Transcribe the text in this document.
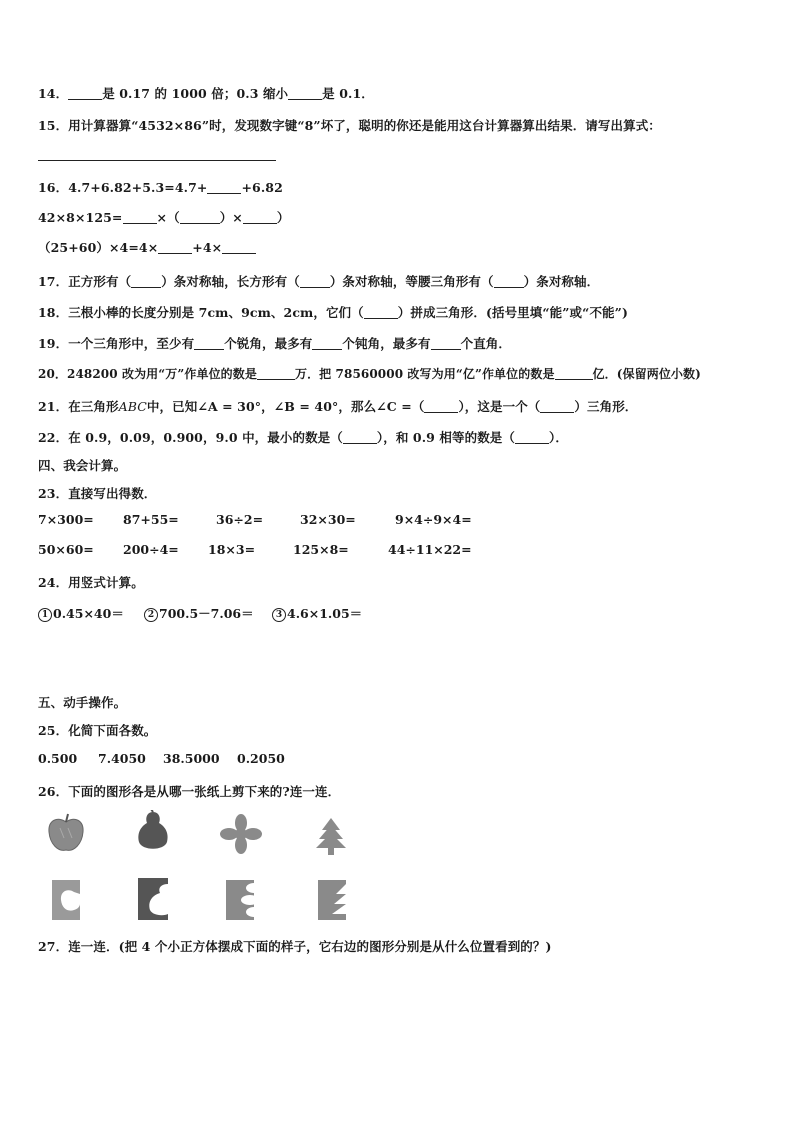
14．	是 0.17 的 1000 倍；0.3 缩小	是 0.1．
15．用计算器算“4532×86”时，发现数字键“8”坏了，聪明的你还是能用这台计算器算出结果．请写出算式：
16．4.7+6.82+5.3=4.7+	+6.82
42×8×125=	×（	）×	）
（25+60）×4=4×	+4×
17．正方形有（ ）条对称轴，长方形有（ ）条对称轴，等腰三角形有（ ）条对称轴．
18．三根小棒的长度分别是 7cm、9cm、2cm，它们（	）拼成三角形．(括号里填“能”或“不能”)
19．一个三角形中，至少有 个锐角，最多有 个钝角，最多有 个直角．
20．248200 改为用“万”作单位的数是	万．把 78560000 改写为用“亿”作单位的数是	亿．(保留两位小数)
21．在三角形ABC中，已知∠A = 30°，∠B = 40°，那么∠C =（	），这是一个（	）三角形．
22．在 0.9，0.09，0.900，9.0 中，最小的数是（	），和 0.9 相等的数是（	）．
四、我会计算。
23．直接写出得数．
7×300= 87+55=	36÷2=	32×30=	9×4÷9×4=
50×60= 200÷4= 18×3=	125×8=	44÷11×22=
24．用竖式计算。
1 0.45×40＝	2 700.5－7.06＝	3 4.6×1.05＝
五、动手操作。
25．化简下面各数。
0.500 7.4050 38.5000 0.2050
26．下面的图形各是从哪一张纸上剪下来的?连一连．
27．连一连．(把 4 个小正方体摆成下面的样子，它右边的图形分别是从什么位置看到的？)
